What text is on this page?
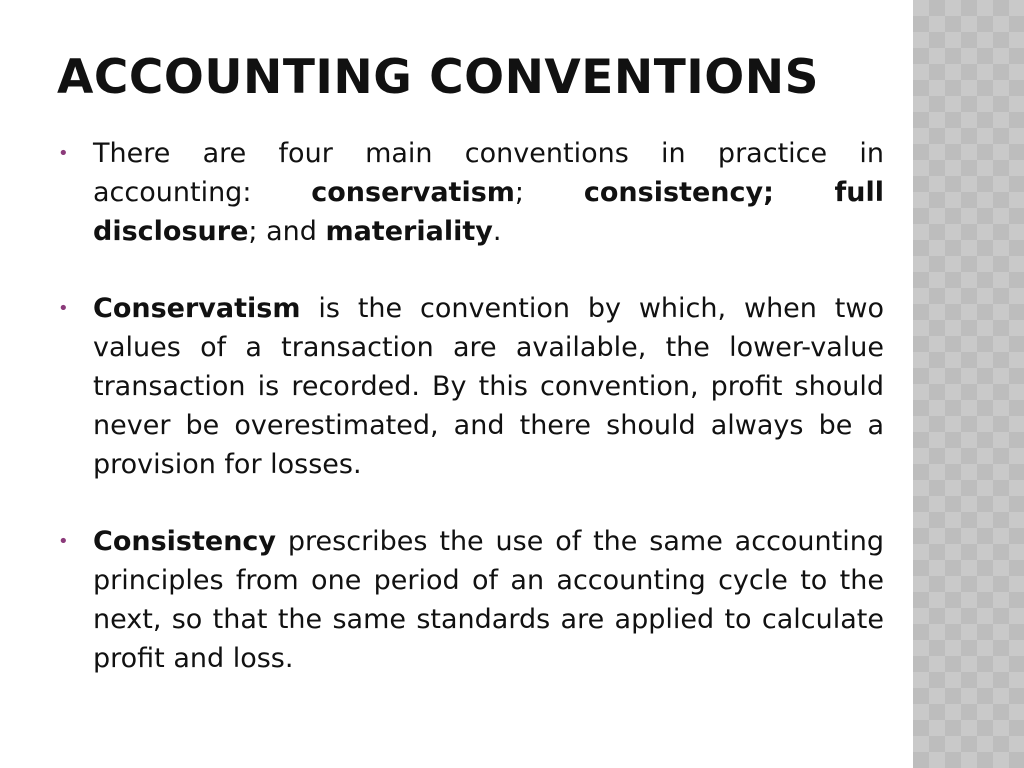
ACCOUNTING CONVENTIONS
• There are four main conventions in practice in accounting: conservatism; consistency; full disclosure; and materiality.
• Conservatism is the convention by which, when two values of a transaction are available, the lower-value transaction is recorded. By this convention, profit should never be overestimated, and there should always be a provision for losses.
• Consistency prescribes the use of the same accounting principles from one period of an accounting cycle to the next, so that the same standards are applied to calculate profit and loss.
